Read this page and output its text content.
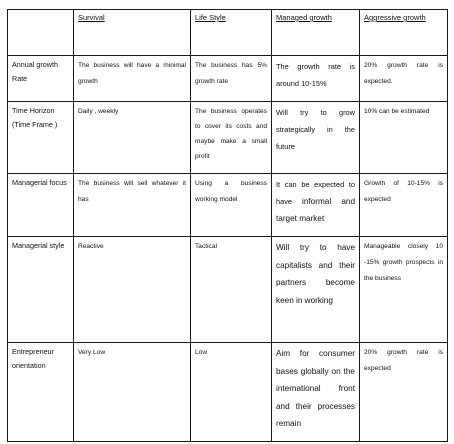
	Survival	Life Style	Managed growth	Aggressive growth
Annual growth Rate	The business will have a minimal growth	The business has 5% growth rate	The growth rate is around 10-15%	20% growth rate is expected.
Time Horizon (Time Frame )	Daily , weekly	The business operates to cover its costs and maybe make a small profit	Will try to grow strategically in the future	10% can be estimated
Managerial focus	The business will sell whatever it has	Using a business working model	It can be expected to have informal and target market	Growth of 10-15% is expected
Managerial style	Reactive	Tactical	Will try to have capitalists and their partners become keen in working	Manageable closely 10 -15% growth prospects in the business
Entrepreneur orientation	Very Low	Low	Aim for consumer bases globally on the international front and their processes remain	20% growth rate is expected
